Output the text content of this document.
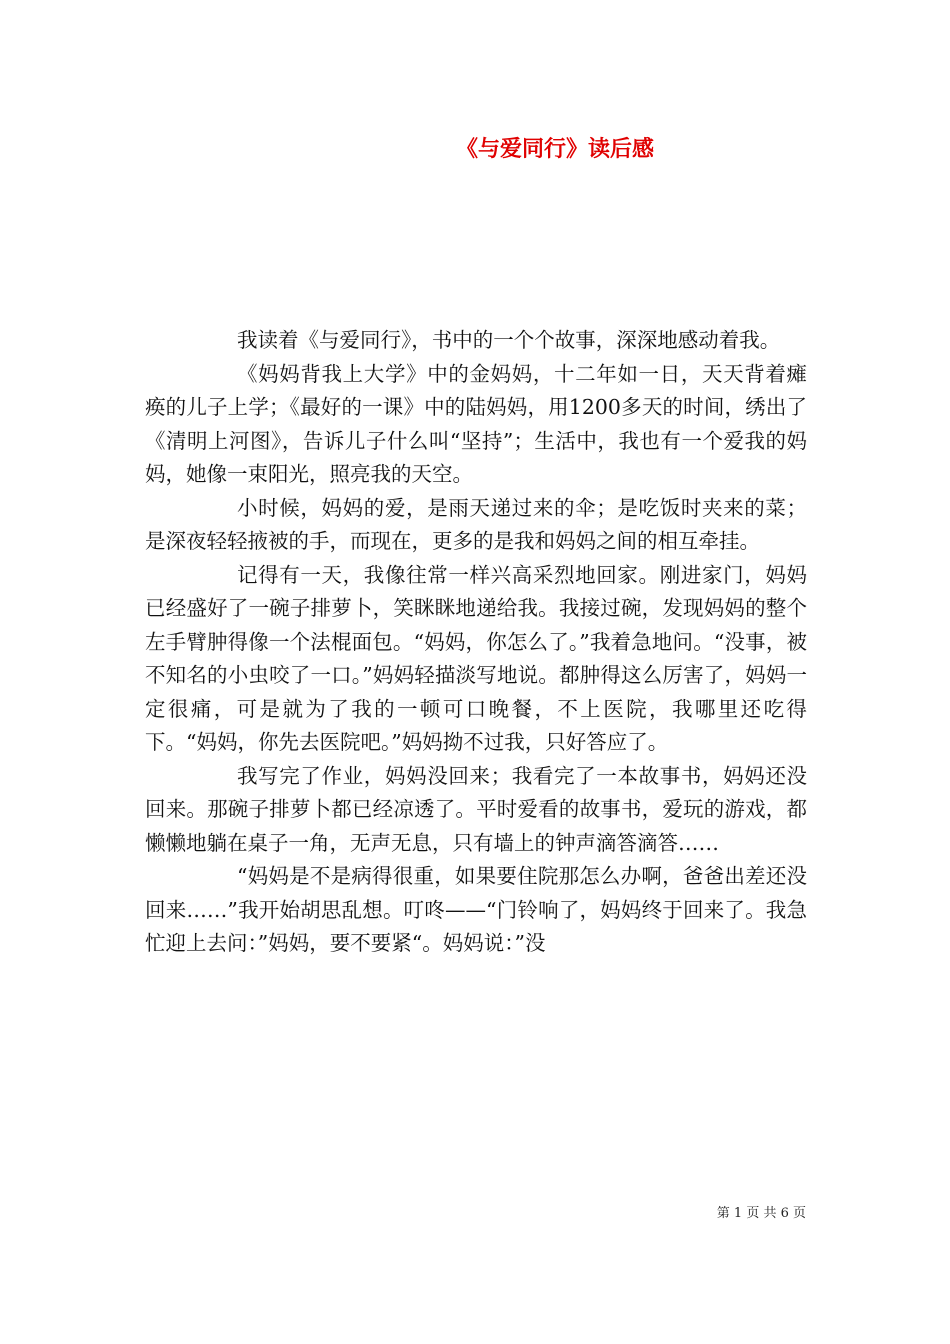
《与爱同行》读后感

我读着《与爱同行》，书中的一个个故事，深深地感动着我。

《妈妈背我上大学》中的金妈妈，十二年如一日，天天背着瘫痪的儿子上学；《最好的一课》中的陆妈妈，用1200多天的时间，绣出了《清明上河图》，告诉儿子什么叫“坚持”；生活中，我也有一个爱我的妈妈，她像一束阳光，照亮我的天空。

小时候，妈妈的爱，是雨天递过来的伞；是吃饭时夹来的菜；是深夜轻轻掖被的手，而现在，更多的是我和妈妈之间的相互牵挂。

记得有一天，我像往常一样兴高采烈地回家。刚进家门，妈妈已经盛好了一碗子排萝卜，笑眯眯地递给我。我接过碗，发现妈妈的整个左手臂肿得像一个法棍面包。“妈妈，你怎么了。”我着急地问。“没事，被不知名的小虫咬了一口。”妈妈轻描淡写地说。都肿得这么厉害了，妈妈一定很痛，可是就为了我的一顿可口晚餐，不上医院，我哪里还吃得下。“妈妈，你先去医院吧。”妈妈拗不过我，只好答应了。

我写完了作业，妈妈没回来；我看完了一本故事书，妈妈还没回来。那碗子排萝卜都已经凉透了。平时爱看的故事书，爱玩的游戏，都懒懒地躺在桌子一角，无声无息，只有墙上的钟声滴答滴答……

“妈妈是不是病得很重，如果要住院那怎么办啊，爸爸出差还没回来……”我开始胡思乱想。叮咚——“门铃响了，妈妈终于回来了。我急忙迎上去问：”妈妈，要不要紧“。妈妈说：”没

第 1 页 共 6 页
